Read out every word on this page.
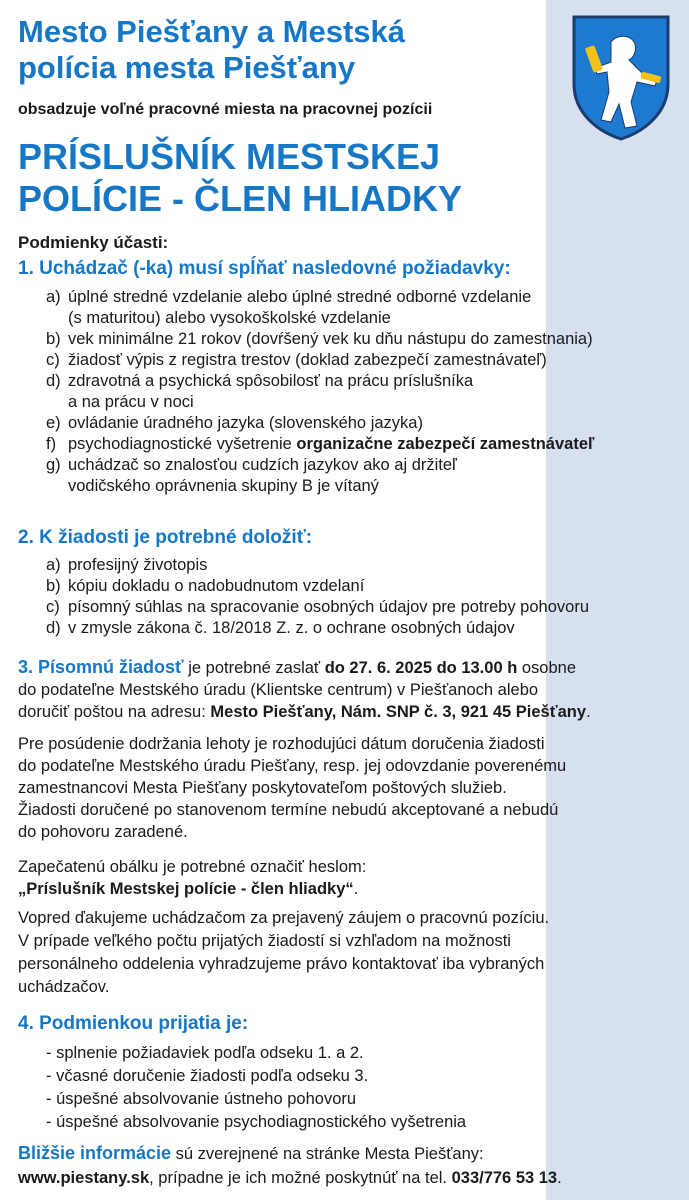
Mesto Piešťany a Mestská
polícia mesta Piešťany

obsadzuje voľné pracovné miesta na pracovnej pozícii

PRÍSLUŠNÍK MESTSKEJ
POLÍCIE - ČLEN HLIADKY

Podmienky účasti:

1. Uchádzač (-ka) musí spĺňať nasledovné požiadavky:

a) úplné stredné vzdelanie alebo úplné stredné odborné vzdelanie
(s maturitou) alebo vysokoškolské vzdelanie
b) vek minimálne 21 rokov (dovŕšený vek ku dňu nástupu do zamestnania)
c) žiadosť výpis z registra trestov (doklad zabezpečí zamestnávateľ)
d) zdravotná a psychická spôsobilosť na prácu príslušníka
a na prácu v noci
e) ovládanie úradného jazyka (slovenského jazyka)
f) psychodiagnostické vyšetrenie organizačne zabezpečí zamestnávateľ
g) uchádzač so znalosťou cudzích jazykov ako aj držiteľ
vodičského oprávnenia skupiny B je vítaný

2. K žiadosti je potrebné doložiť:

a) profesijný životopis
b) kópiu dokladu o nadobudnutom vzdelaní
c) písomný súhlas na spracovanie osobných údajov pre potreby pohovoru
d) v zmysle zákona č. 18/2018 Z. z. o ochrane osobných údajov

3. Písomnú žiadosť je potrebné zaslať do 27. 6. 2025 do 13.00 h osobne
do podateľne Mestského úradu (Klientske centrum) v Piešťanoch alebo
doručiť poštou na adresu: Mesto Piešťany, Nám. SNP č. 3, 921 45 Piešťany.

Pre posúdenie dodržania lehoty je rozhodujúci dátum doručenia žiadosti
do podateľne Mestského úradu Piešťany, resp. jej odovzdanie poverenému
zamestnancovi Mesta Piešťany poskytovateľom poštových služieb.
Žiadosti doručené po stanovenom termíne nebudú akceptované a nebudú
do pohovoru zaradené.

Zapečatenú obálku je potrebné označiť heslom:
„Príslušník Mestskej polície - člen hliadky“.

Vopred ďakujeme uchádzačom za prejavený záujem o pracovnú pozíciu.
V prípade veľkého počtu prijatých žiadostí si vzhľadom na možnosti
personálneho oddelenia vyhradzujeme právo kontaktovať iba vybraných
uchádzačov.

4. Podmienkou prijatia je:

- splnenie požiadaviek podľa odseku 1. a 2.
- včasné doručenie žiadosti podľa odseku 3.
- úspešné absolvovanie ústneho pohovoru
- úspešné absolvovanie psychodiagnostického vyšetrenia

Bližšie informácie sú zverejnené na stránke Mesta Piešťany:
www.piestany.sk, prípadne je ich možné poskytnúť na tel. 033/776 53 13.
